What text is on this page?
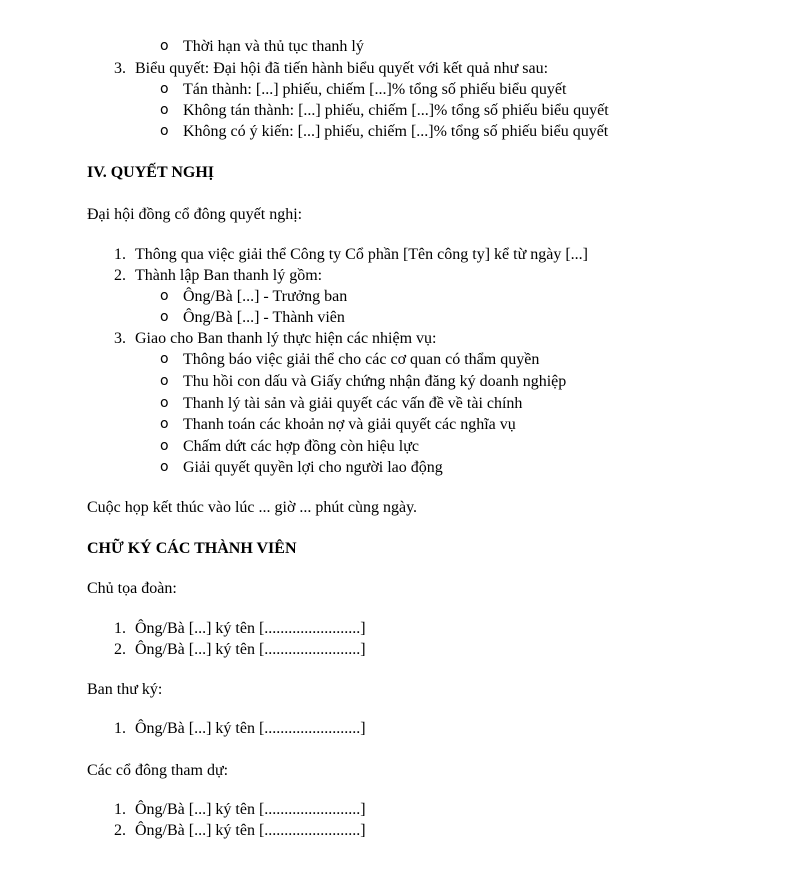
o Thời hạn và thủ tục thanh lý
3. Biểu quyết: Đại hội đã tiến hành biểu quyết với kết quả như sau:
o Tán thành: [...] phiếu, chiếm [...]% tổng số phiếu biểu quyết
o Không tán thành: [...] phiếu, chiếm [...]% tổng số phiếu biểu quyết
o Không có ý kiến: [...] phiếu, chiếm [...]% tổng số phiếu biểu quyết
IV. QUYẾT NGHỊ
Đại hội đồng cổ đông quyết nghị:
1. Thông qua việc giải thể Công ty Cổ phần [Tên công ty] kể từ ngày [...]
2. Thành lập Ban thanh lý gồm:
o Ông/Bà [...] - Trưởng ban
o Ông/Bà [...] - Thành viên
3. Giao cho Ban thanh lý thực hiện các nhiệm vụ:
o Thông báo việc giải thể cho các cơ quan có thẩm quyền
o Thu hồi con dấu và Giấy chứng nhận đăng ký doanh nghiệp
o Thanh lý tài sản và giải quyết các vấn đề về tài chính
o Thanh toán các khoản nợ và giải quyết các nghĩa vụ
o Chấm dứt các hợp đồng còn hiệu lực
o Giải quyết quyền lợi cho người lao động
Cuộc họp kết thúc vào lúc ... giờ ... phút cùng ngày.
CHỮ KÝ CÁC THÀNH VIÊN
Chủ tọa đoàn:
1. Ông/Bà [...] ký tên [........................]
2. Ông/Bà [...] ký tên [........................]
Ban thư ký:
1. Ông/Bà [...] ký tên [........................]
Các cổ đông tham dự:
1. Ông/Bà [...] ký tên [........................]
2. Ông/Bà [...] ký tên [........................]
